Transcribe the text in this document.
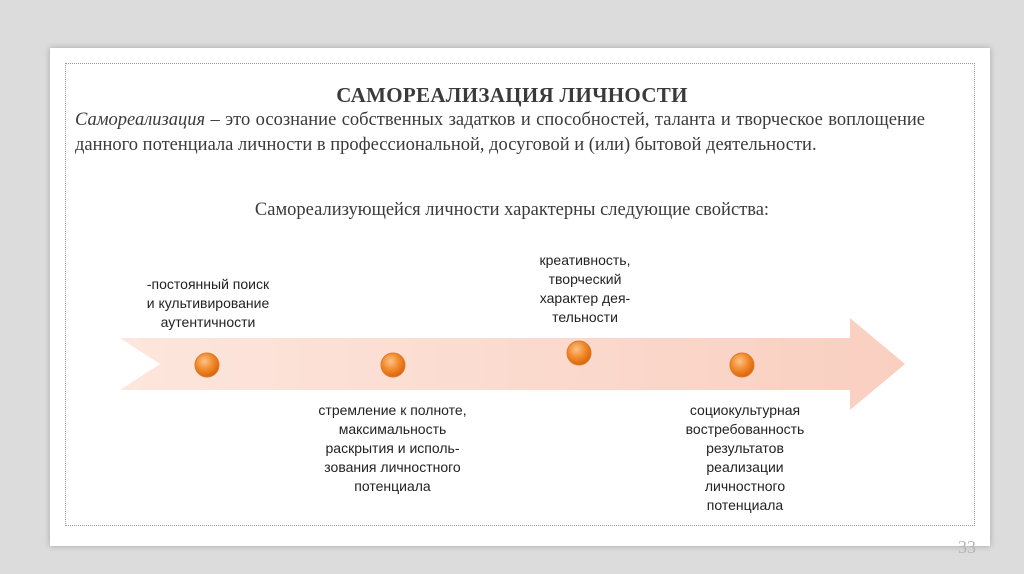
САМОРЕАЛИЗАЦИЯ ЛИЧНОСТИ
Самореализация – это осознание собственных задатков и способностей, таланта и творческое воплощение данного потенциала личности в профессиональной, досуговой и (или) бытовой деятельности.
Самореализующейся личности характерны следующие свойства:
-постоянный поиск
и культивирование
аутентичности
стремление к полноте,
максимальность
раскрытия и исполь-
зования личностного
потенциала
креативность,
творческий
характер дея-
тельности
социокультурная
востребованность
результатов
реализации
личностного
потенциала
33
